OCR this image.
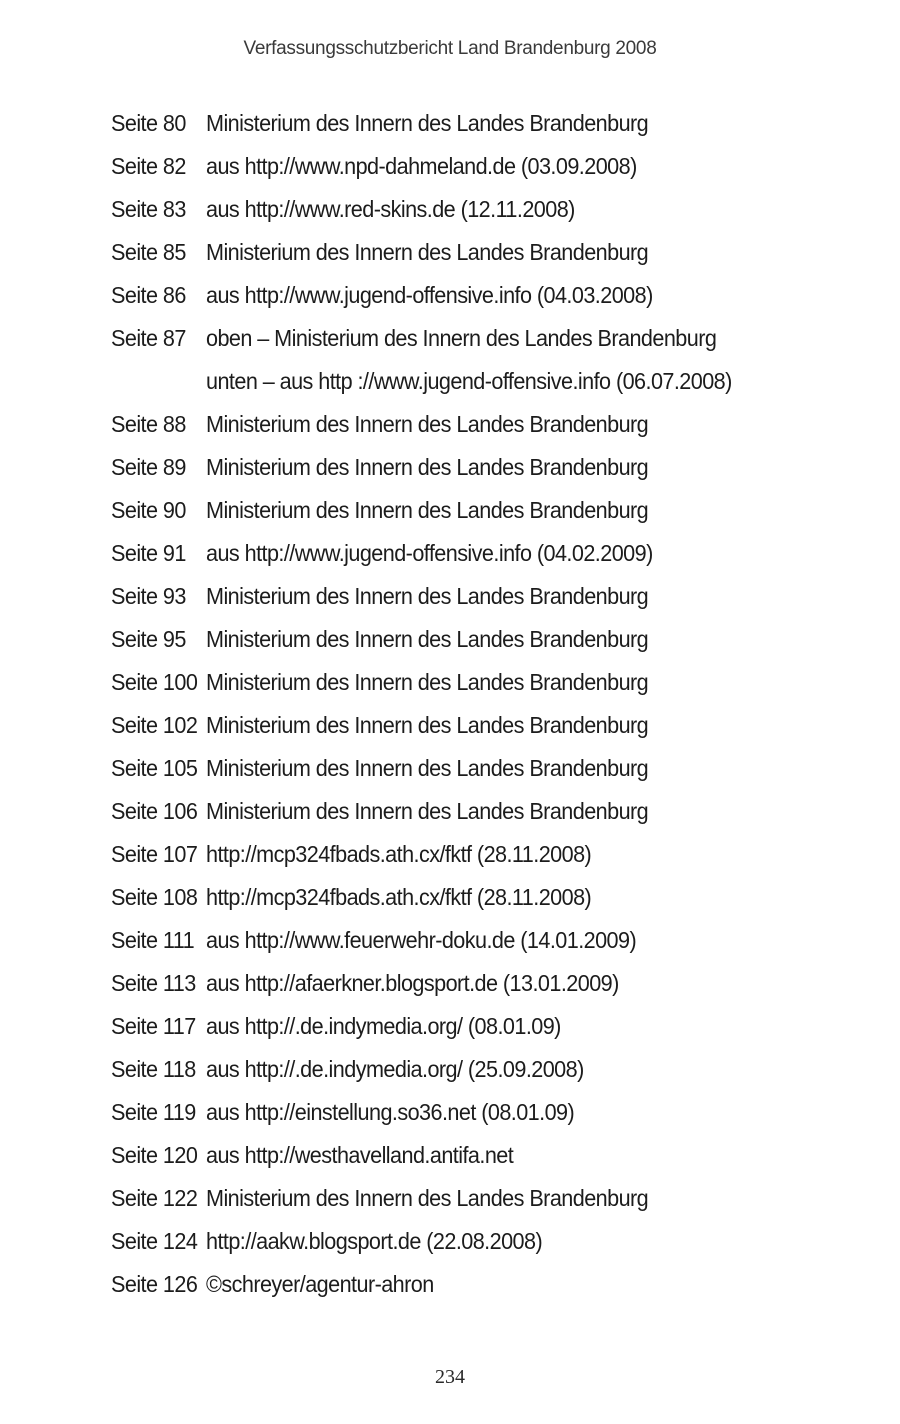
Verfassungsschutzbericht Land Brandenburg 2008
Seite 80 Ministerium des Innern des Landes Brandenburg
Seite 82 aus http://www.npd-dahmeland.de (03.09.2008)
Seite 83 aus http://www.red-skins.de (12.11.2008)
Seite 85 Ministerium des Innern des Landes Brandenburg
Seite 86 aus http://www.jugend-offensive.info (04.03.2008)
Seite 87 oben – Ministerium des Innern des Landes Brandenburg
unten – aus http ://www.jugend-offensive.info (06.07.2008)
Seite 88 Ministerium des Innern des Landes Brandenburg
Seite 89 Ministerium des Innern des Landes Brandenburg
Seite 90 Ministerium des Innern des Landes Brandenburg
Seite 91 aus http://www.jugend-offensive.info (04.02.2009)
Seite 93 Ministerium des Innern des Landes Brandenburg
Seite 95 Ministerium des Innern des Landes Brandenburg
Seite 100 Ministerium des Innern des Landes Brandenburg
Seite 102 Ministerium des Innern des Landes Brandenburg
Seite 105 Ministerium des Innern des Landes Brandenburg
Seite 106 Ministerium des Innern des Landes Brandenburg
Seite 107 http://mcp324fbads.ath.cx/fktf (28.11.2008)
Seite 108 http://mcp324fbads.ath.cx/fktf (28.11.2008)
Seite 111 aus http://www.feuerwehr-doku.de (14.01.2009)
Seite 113 aus http://afaerkner.blogsport.de (13.01.2009)
Seite 117 aus http://.de.indymedia.org/ (08.01.09)
Seite 118 aus http://.de.indymedia.org/ (25.09.2008)
Seite 119 aus http://einstellung.so36.net (08.01.09)
Seite 120 aus http://westhavelland.antifa.net
Seite 122 Ministerium des Innern des Landes Brandenburg
Seite 124 http://aakw.blogsport.de (22.08.2008)
Seite 126 ©schreyer/agentur-ahron
234
